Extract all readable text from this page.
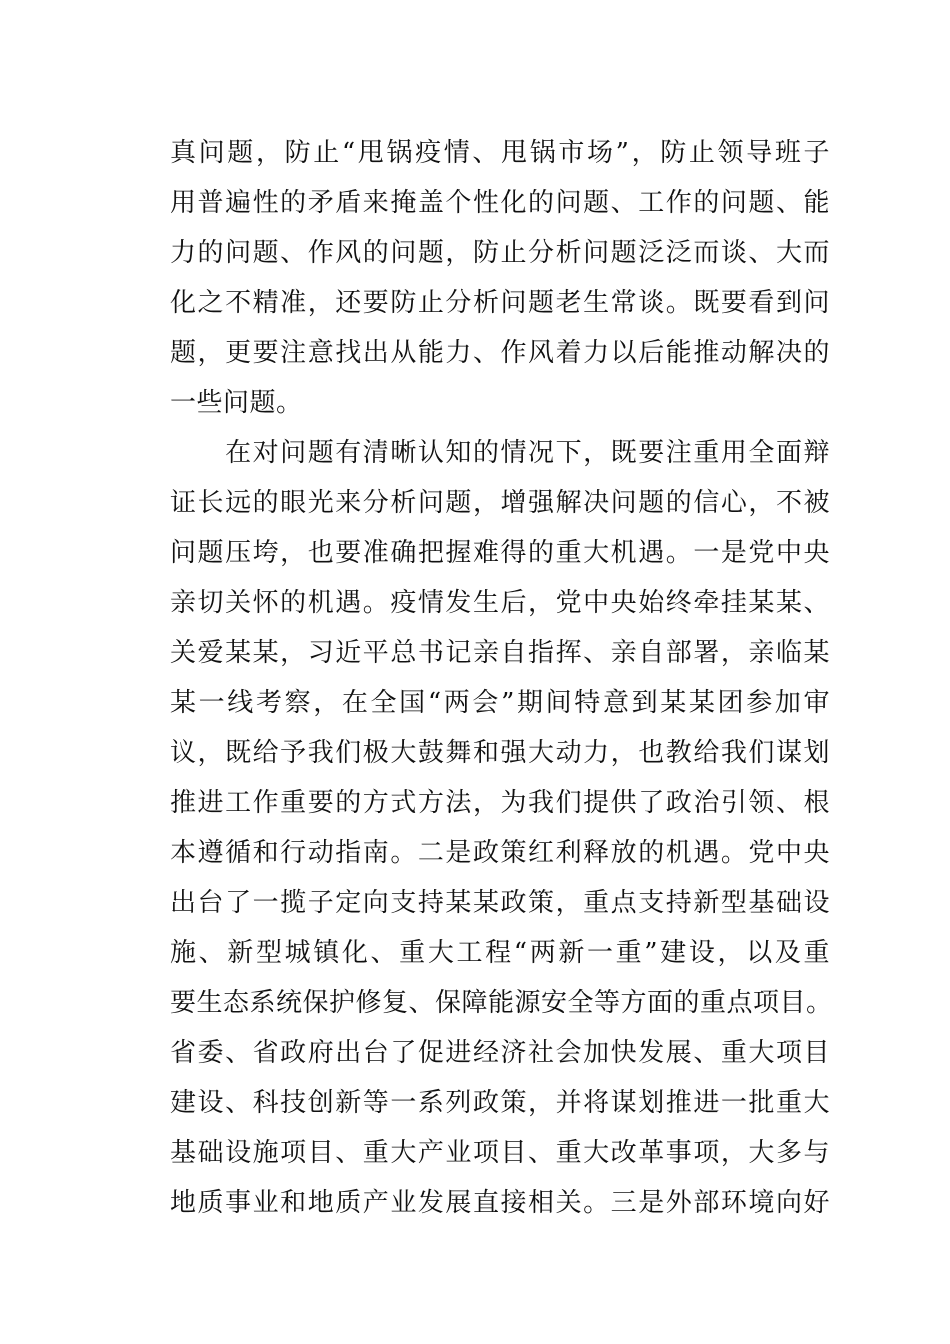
真问题，防止“甩锅疫情、甩锅市场”，防止领导班子
用普遍性的矛盾来掩盖个性化的问题、工作的问题、能
力的问题、作风的问题，防止分析问题泛泛而谈、大而
化之不精准，还要防止分析问题老生常谈。既要看到问
题，更要注意找出从能力、作风着力以后能推动解决的
一些问题。
　　在对问题有清晰认知的情况下，既要注重用全面辩
证长远的眼光来分析问题，增强解决问题的信心，不被
问题压垮，也要准确把握难得的重大机遇。一是党中央
亲切关怀的机遇。疫情发生后，党中央始终牵挂某某、
关爱某某，习近平总书记亲自指挥、亲自部署，亲临某
某一线考察，在全国“两会”期间特意到某某团参加审
议，既给予我们极大鼓舞和强大动力，也教给我们谋划
推进工作重要的方式方法，为我们提供了政治引领、根
本遵循和行动指南。二是政策红利释放的机遇。党中央
出台了一揽子定向支持某某政策，重点支持新型基础设
施、新型城镇化、重大工程“两新一重”建设，以及重
要生态系统保护修复、保障能源安全等方面的重点项目。
省委、省政府出台了促进经济社会加快发展、重大项目
建设、科技创新等一系列政策，并将谋划推进一批重大
基础设施项目、重大产业项目、重大改革事项，大多与
地质事业和地质产业发展直接相关。三是外部环境向好
